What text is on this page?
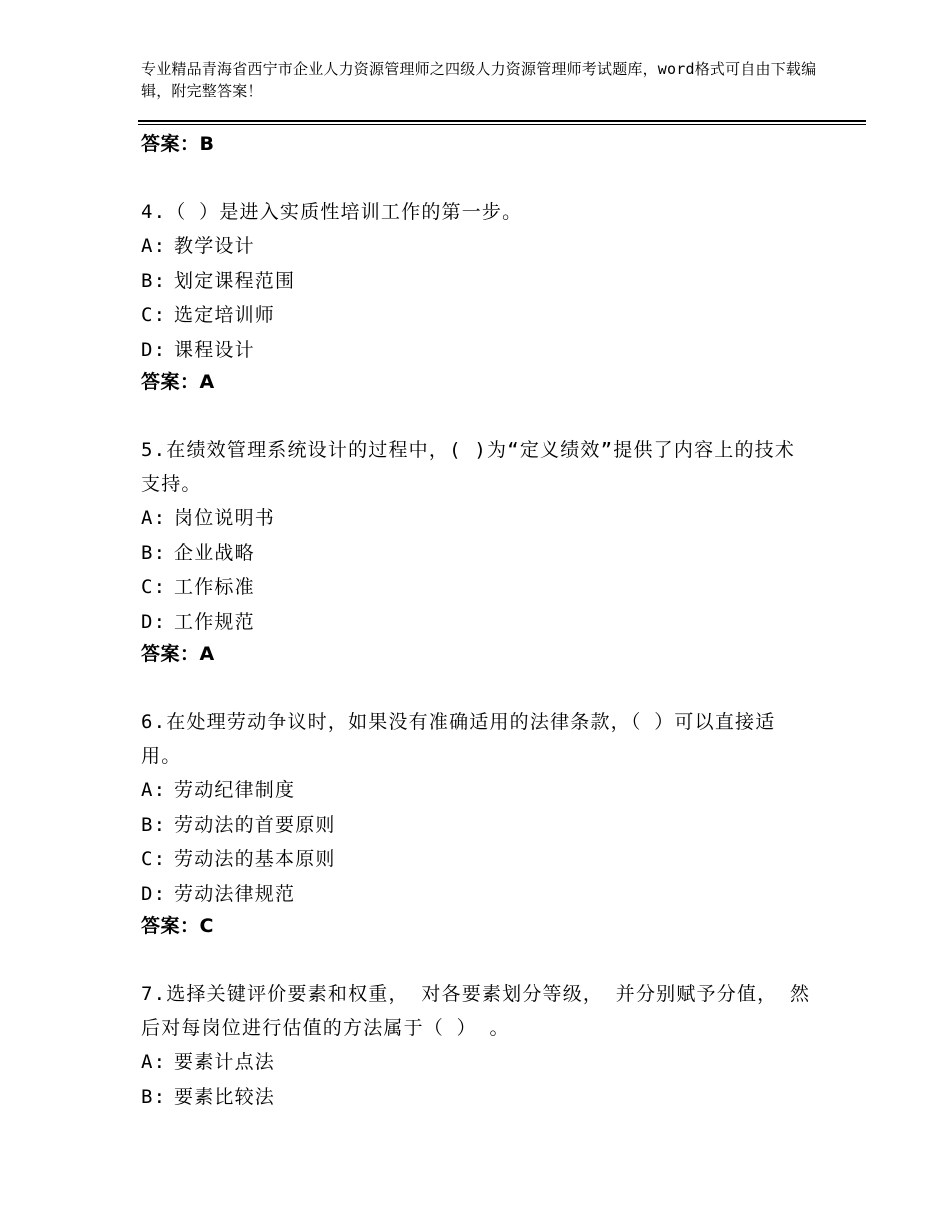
专业精品青海省西宁市企业人力资源管理师之四级人力资源管理师考试题库，word格式可自由下载编辑，附完整答案！
答案：B
4.（ ）是进入实质性培训工作的第一步。
A: 教学设计
B: 划定课程范围
C: 选定培训师
D: 课程设计
答案：A
5.在绩效管理系统设计的过程中，( )为“定义绩效”提供了内容上的技术支持。
A: 岗位说明书
B: 企业战略
C: 工作标准
D: 工作规范
答案：A
6.在处理劳动争议时，如果没有准确适用的法律条款，（ ）可以直接适用。
A: 劳动纪律制度
B: 劳动法的首要原则
C: 劳动法的基本原则
D: 劳动法律规范
答案：C
7.选择关键评价要素和权重， 对各要素划分等级， 并分别赋予分值， 然后对每岗位进行估值的方法属于（ ） 。
A: 要素计点法
B: 要素比较法
